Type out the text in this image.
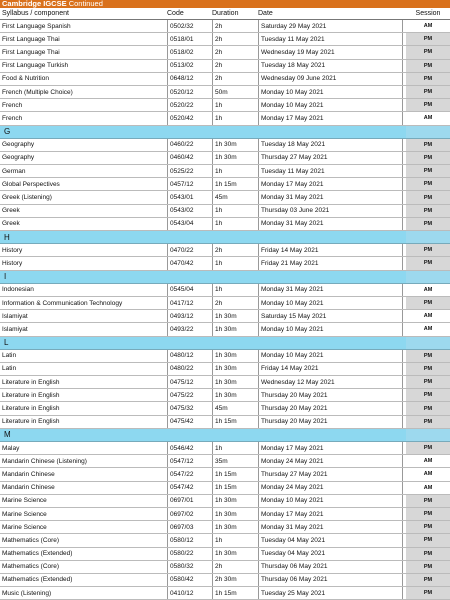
Cambridge IGCSE Continued
Syllabus / component	Code	Duration	Date	Session
First Language Spanish	0502/32	2h	Saturday 29 May 2021	AM
First Language Thai	0518/01	2h	Tuesday 11 May 2021	PM
First Language Thai	0518/02	2h	Wednesday 19 May 2021	PM
First Language Turkish	0513/02	2h	Tuesday 18 May 2021	PM
Food & Nutrition	0648/12	2h	Wednesday 09 June 2021	PM
French (Multiple Choice)	0520/12	50m	Monday 10 May 2021	PM
French	0520/22	1h	Monday 10 May 2021	PM
French	0520/42	1h	Monday 17 May 2021	AM
G
Geography	0460/22	1h 30m	Tuesday 18 May 2021	PM
Geography	0460/42	1h 30m	Thursday 27 May 2021	PM
German	0525/22	1h	Tuesday 11 May 2021	PM
Global Perspectives	0457/12	1h 15m	Monday 17 May 2021	PM
Greek (Listening)	0543/01	45m	Monday 31 May 2021	PM
Greek	0543/02	1h	Thursday 03 June 2021	PM
Greek	0543/04	1h	Monday 31 May 2021	PM
H
History	0470/22	2h	Friday 14 May 2021	PM
History	0470/42	1h	Friday 21 May 2021	PM
I
Indonesian	0545/04	1h	Monday 31 May 2021	AM
Information & Communication Technology	0417/12	2h	Monday 10 May 2021	PM
Islamiyat	0493/12	1h 30m	Saturday 15 May 2021	AM
Islamiyat	0493/22	1h 30m	Monday 10 May 2021	AM
L
Latin	0480/12	1h 30m	Monday 10 May 2021	PM
Latin	0480/22	1h 30m	Friday 14 May 2021	PM
Literature in English	0475/12	1h 30m	Wednesday 12 May 2021	PM
Literature in English	0475/22	1h 30m	Thursday 20 May 2021	PM
Literature in English	0475/32	45m	Thursday 20 May 2021	PM
Literature in English	0475/42	1h 15m	Thursday 20 May 2021	PM
M
Malay	0546/42	1h	Monday 17 May 2021	PM
Mandarin Chinese (Listening)	0547/12	35m	Monday 24 May 2021	AM
Mandarin Chinese	0547/22	1h 15m	Thursday 27 May 2021	AM
Mandarin Chinese	0547/42	1h 15m	Monday 24 May 2021	AM
Marine Science	0697/01	1h 30m	Monday 10 May 2021	PM
Marine Science	0697/02	1h 30m	Monday 17 May 2021	PM
Marine Science	0697/03	1h 30m	Monday 31 May 2021	PM
Mathematics (Core)	0580/12	1h	Tuesday 04 May 2021	PM
Mathematics (Extended)	0580/22	1h 30m	Tuesday 04 May 2021	PM
Mathematics (Core)	0580/32	2h	Thursday 06 May 2021	PM
Mathematics (Extended)	0580/42	2h 30m	Thursday 06 May 2021	PM
Music (Listening)	0410/12	1h 15m	Tuesday 25 May 2021	PM
